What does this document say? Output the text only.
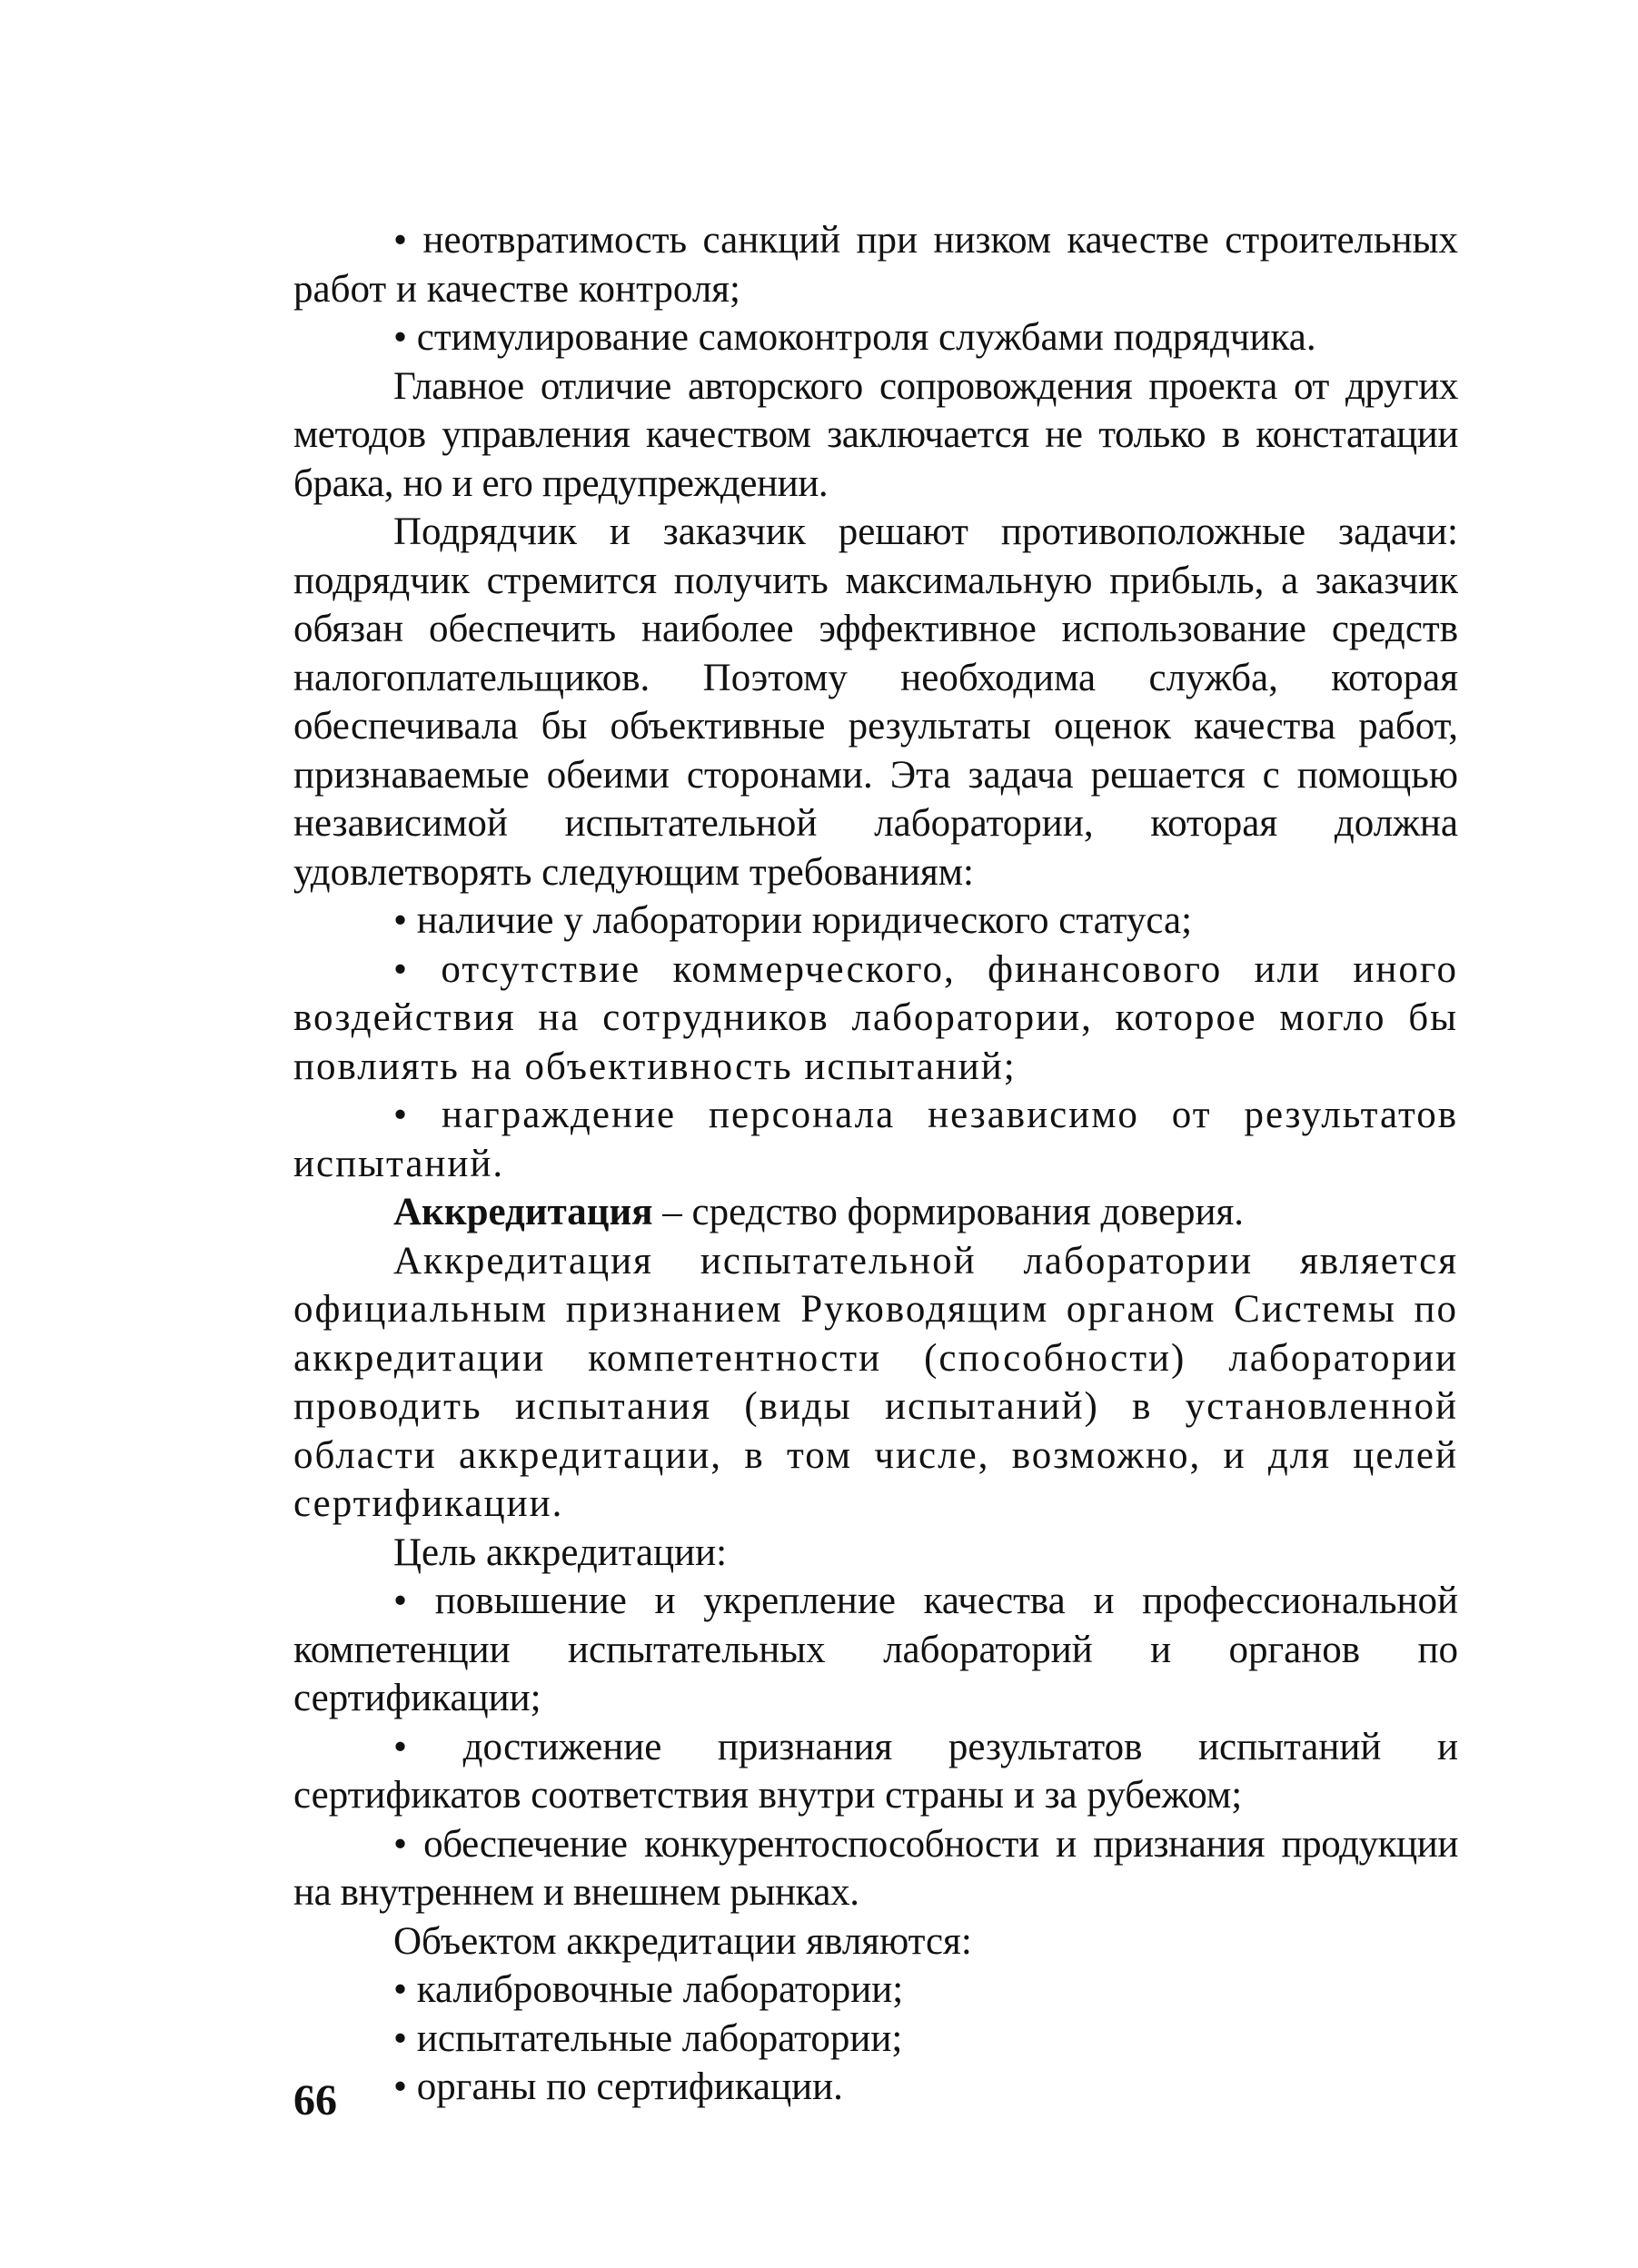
• неотвратимость санкций при низком качестве строительных работ и качестве контроля;

• стимулирование самоконтроля службами подрядчика.

Главное отличие авторского сопровождения проекта от других методов управления качеством заключается не только в констатации брака, но и его предупреждении.

Подрядчик и заказчик решают противоположные задачи: подрядчик стремится получить максимальную прибыль, а заказчик обязан обеспечить наиболее эффективное использование средств налогоплательщиков. Поэтому необходима служба, которая обеспечивала бы объективные результаты оценок качества работ, признаваемые обеими сторонами. Эта задача решается с помощью независимой испытательной лаборатории, которая должна удовлетворять следующим требованиям:

• наличие у лаборатории юридического статуса;

• отсутствие коммерческого, финансового или иного воздействия на сотрудников лаборатории, которое могло бы повлиять на объективность испытаний;

• награждение персонала независимо от результатов испытаний.

Аккредитация – средство формирования доверия.

Аккредитация испытательной лаборатории является официальным признанием Руководящим органом Системы по аккредитации компетентности (способности) лаборатории проводить испытания (виды испытаний) в установленной области аккредитации, в том числе, возможно, и для целей сертификации.

Цель аккредитации:

• повышение и укрепление качества и профессиональной компетенции испытательных лабораторий и органов по сертификации;

• достижение признания результатов испытаний и сертификатов соответствия внутри страны и за рубежом;

• обеспечение конкурентоспособности и признания продукции на внутреннем и внешнем рынках.

Объектом аккредитации являются:

• калибровочные лаборатории;

• испытательные лаборатории;

• органы по сертификации.

66
